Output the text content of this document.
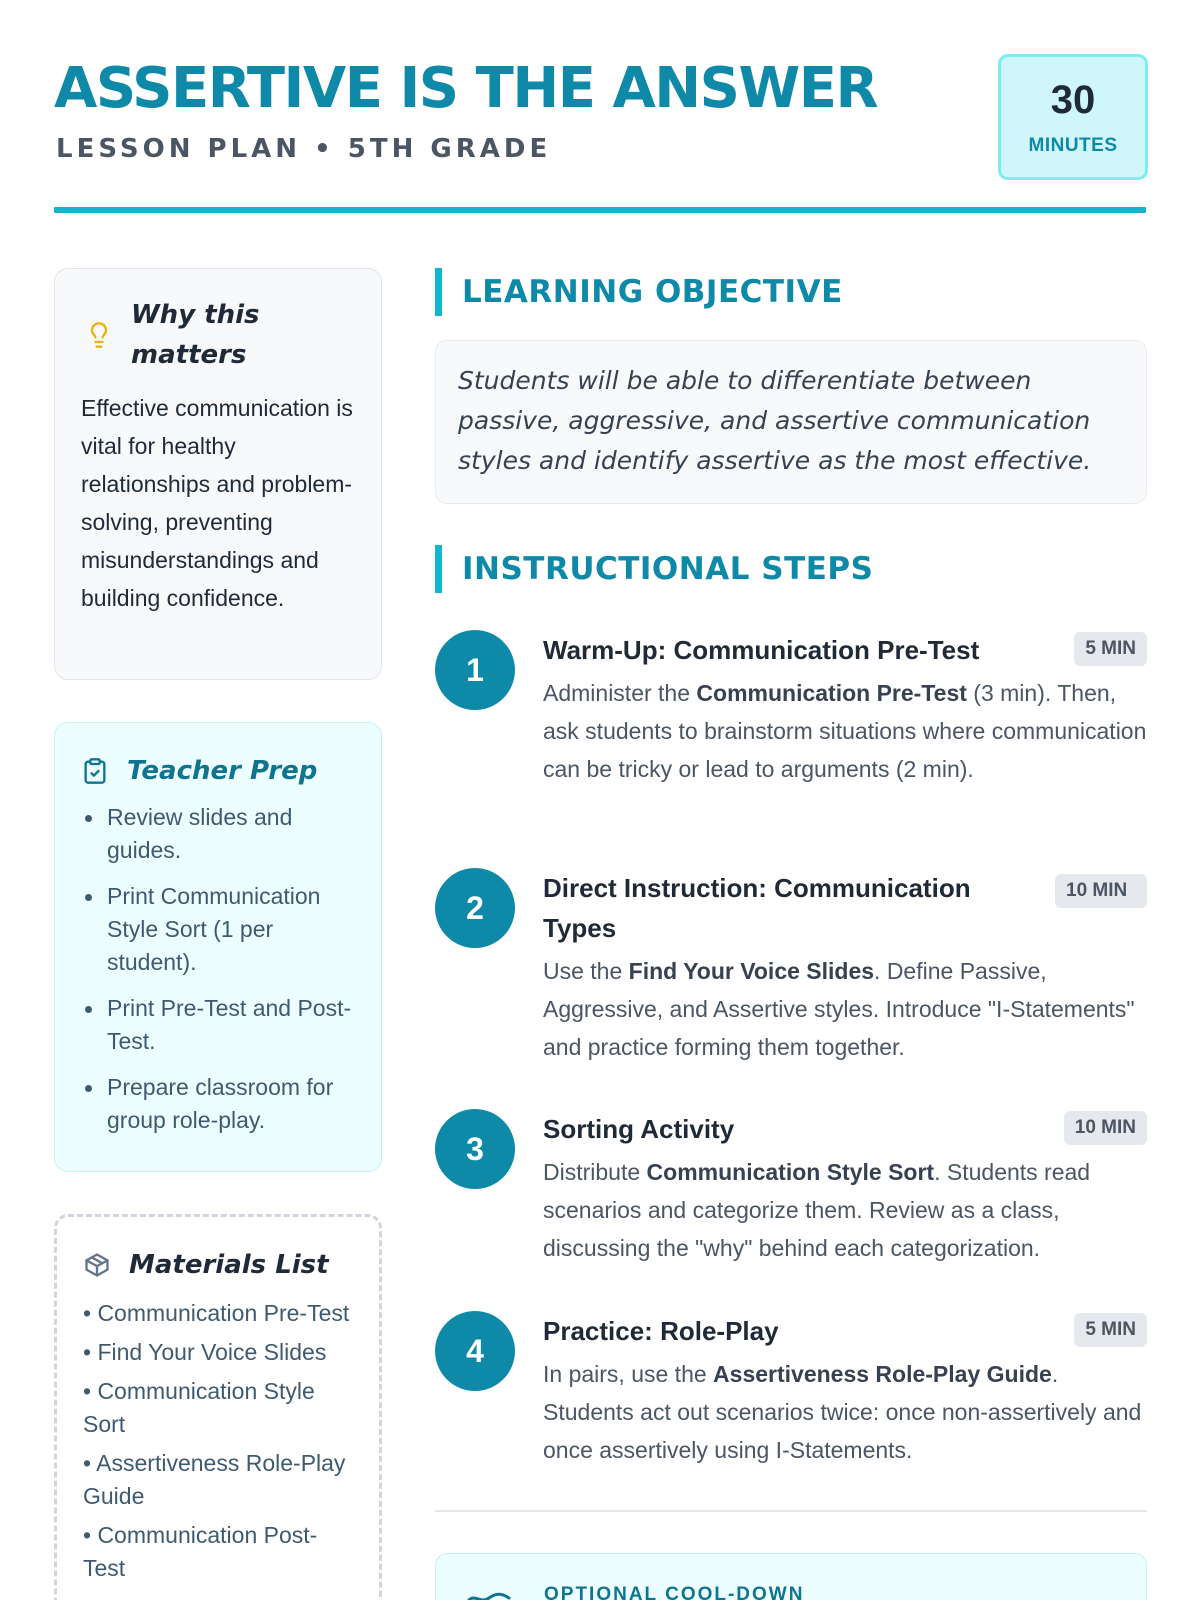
ASSERTIVE IS THE ANSWER
LESSON PLAN • 5TH GRADE
30
MINUTES
Why this matters

Effective communication is vital for healthy relationships and problem-solving, preventing misunderstandings and building confidence.

Teacher Prep
Review slides and guides.
Print Communication Style Sort (1 per student).
Print Pre-Test and Post-Test.
Prepare classroom for group role-play.
Materials List
• Communication Pre-Test
• Find Your Voice Slides
• Communication Style Sort
• Assertiveness Role-Play Guide
• Communication Post-Test
LEARNING OBJECTIVE

Students will be able to differentiate between passive, aggressive, and assertive communication styles and identify assertive as the most effective.

INSTRUCTIONAL STEPS
1
5 MIN
Warm-Up: Communication Pre-Test

Administer the Communication Pre-Test (3 min). Then, ask students to brainstorm situations where communication can be tricky or lead to arguments (2 min).

2	10 MIN
Direct Instruction: Communication Types

Use the Find Your Voice Slides. Define Passive, Aggressive, and Assertive styles. Introduce "I-Statements" and practice forming them together.

3
10 MIN
Sorting Activity

Distribute Communication Style Sort. Students read scenarios and categorize them. Review as a class, discussing the "why" behind each categorization.

4
5 MIN
Practice: Role-Play

In pairs, use the Assertiveness Role-Play Guide. Students act out scenarios twice: once non-assertively and once assertively using I-Statements.

OPTIONAL COOL-DOWN
